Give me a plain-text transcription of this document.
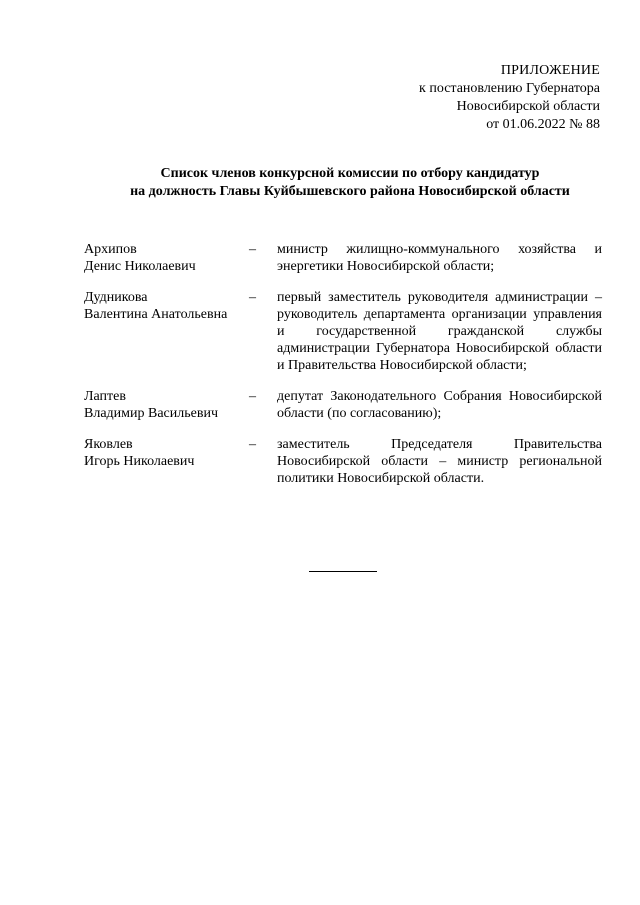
ПРИЛОЖЕНИЕ
к постановлению Губернатора
Новосибирской области
от 01.06.2022 № 88
Список членов конкурсной комиссии по отбору кандидатур
на должность Главы Куйбышевского района Новосибирской области
Архипов
Денис Николаевич
–	министр жилищно-коммунального хозяйства и энергетики Новосибирской области;
Дудникова
Валентина Анатольевна
–	первый заместитель руководителя администрации – руководитель департамента организации управления и государственной гражданской службы администрации Губернатора Новосибирской области и Правительства Новосибирской области;
Лаптев
Владимир Васильевич
–	депутат Законодательного Собрания Новосибирской области (по согласованию);
Яковлев
Игорь Николаевич
–	заместитель Председателя Правительства Новосибирской области – министр региональной политики Новосибирской области.
